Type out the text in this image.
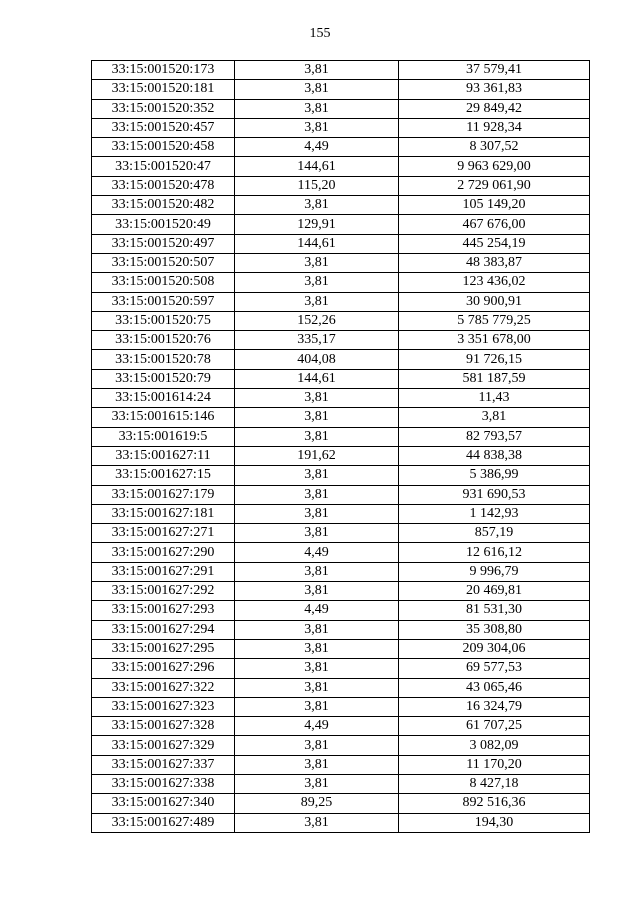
155
33:15:001520:173	3,81	37 579,41
33:15:001520:181	3,81	93 361,83
33:15:001520:352	3,81	29 849,42
33:15:001520:457	3,81	11 928,34
33:15:001520:458	4,49	8 307,52
33:15:001520:47	144,61	9 963 629,00
33:15:001520:478	115,20	2 729 061,90
33:15:001520:482	3,81	105 149,20
33:15:001520:49	129,91	467 676,00
33:15:001520:497	144,61	445 254,19
33:15:001520:507	3,81	48 383,87
33:15:001520:508	3,81	123 436,02
33:15:001520:597	3,81	30 900,91
33:15:001520:75	152,26	5 785 779,25
33:15:001520:76	335,17	3 351 678,00
33:15:001520:78	404,08	91 726,15
33:15:001520:79	144,61	581 187,59
33:15:001614:24	3,81	11,43
33:15:001615:146	3,81	3,81
33:15:001619:5	3,81	82 793,57
33:15:001627:11	191,62	44 838,38
33:15:001627:15	3,81	5 386,99
33:15:001627:179	3,81	931 690,53
33:15:001627:181	3,81	1 142,93
33:15:001627:271	3,81	857,19
33:15:001627:290	4,49	12 616,12
33:15:001627:291	3,81	9 996,79
33:15:001627:292	3,81	20 469,81
33:15:001627:293	4,49	81 531,30
33:15:001627:294	3,81	35 308,80
33:15:001627:295	3,81	209 304,06
33:15:001627:296	3,81	69 577,53
33:15:001627:322	3,81	43 065,46
33:15:001627:323	3,81	16 324,79
33:15:001627:328	4,49	61 707,25
33:15:001627:329	3,81	3 082,09
33:15:001627:337	3,81	11 170,20
33:15:001627:338	3,81	8 427,18
33:15:001627:340	89,25	892 516,36
33:15:001627:489	3,81	194,30
